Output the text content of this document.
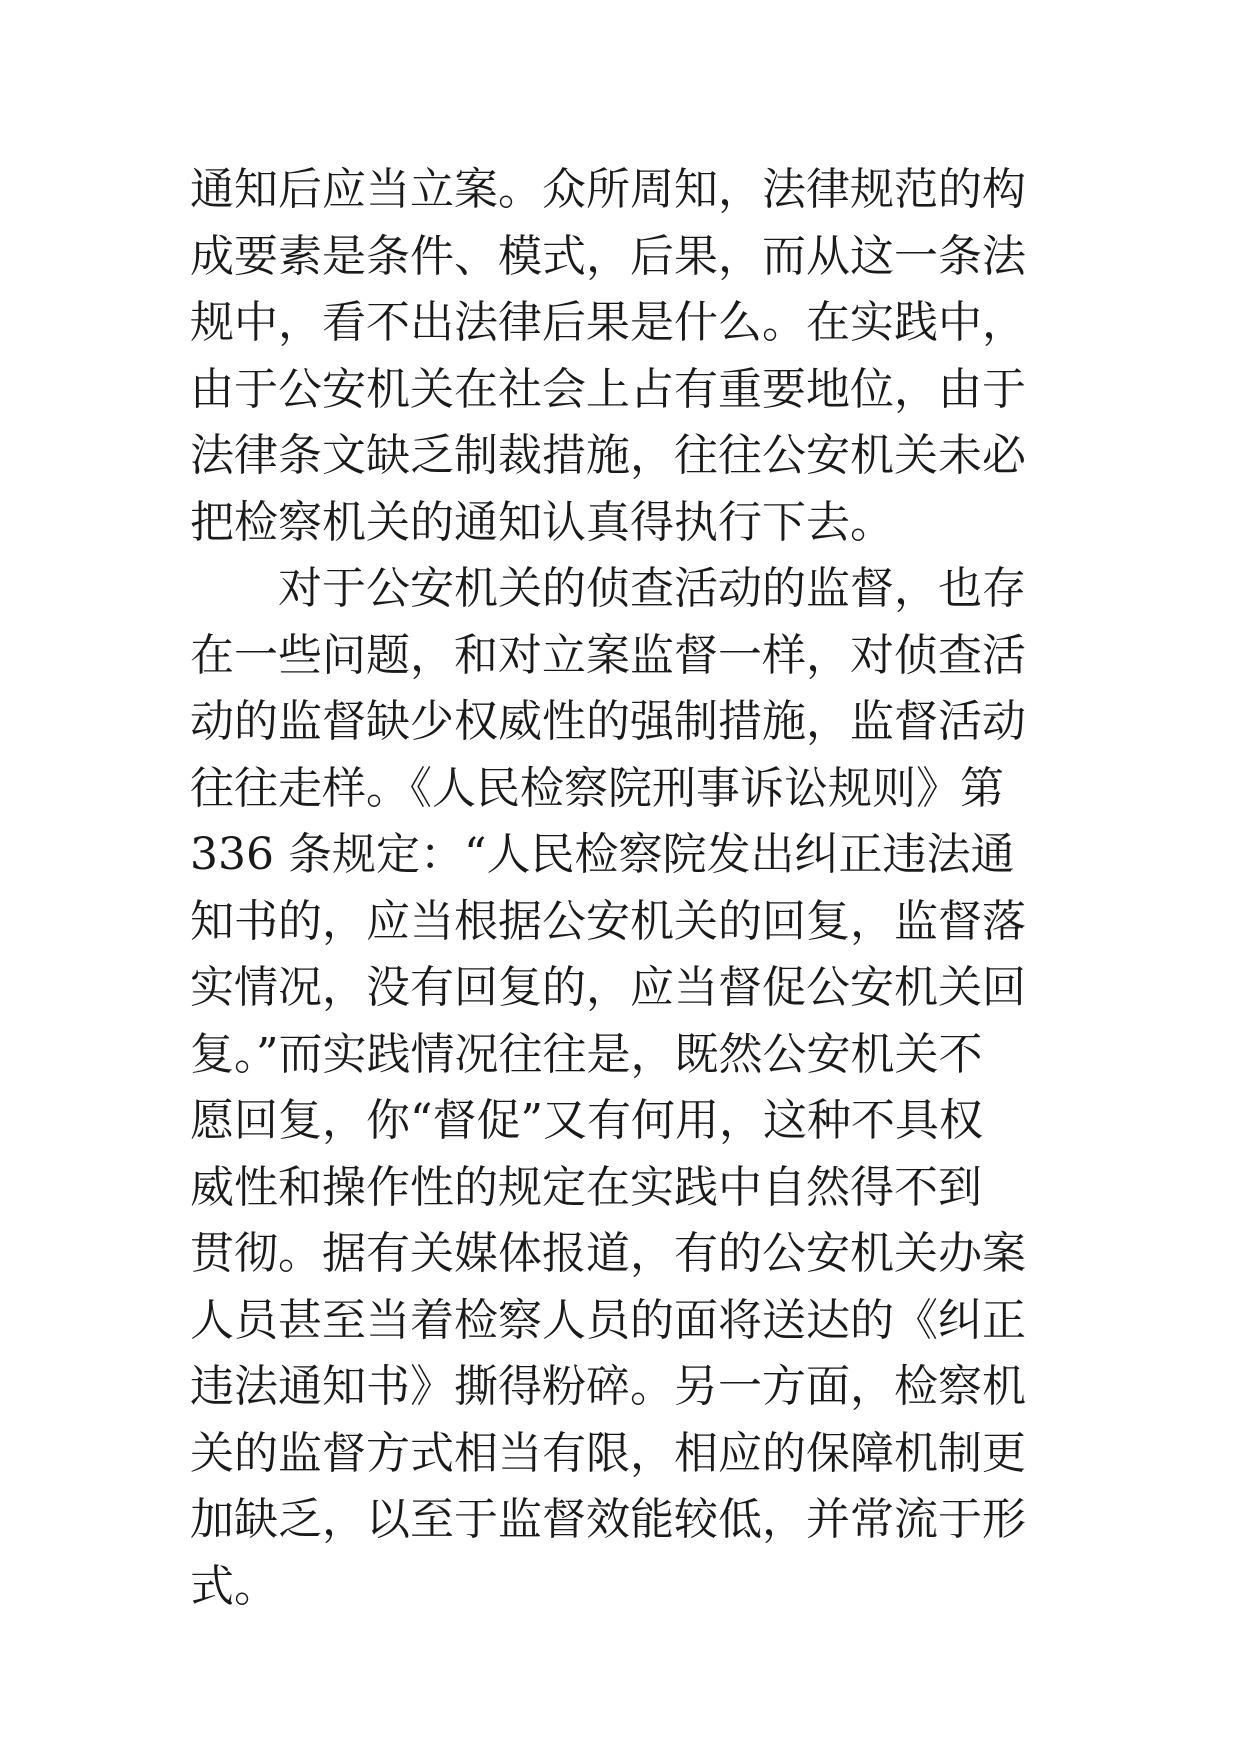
通知后应当立案。众所周知，法律规范的构
成要素是条件、模式，后果，而从这一条法
规中，看不出法律后果是什么。在实践中，
由于公安机关在社会上占有重要地位，由于
法律条文缺乏制裁措施，往往公安机关未必
把检察机关的通知认真得执行下去。
对于公安机关的侦查活动的监督，也存
在一些问题，和对立案监督一样，对侦查活
动的监督缺少权威性的强制措施，监督活动
往往走样。《人民检察院刑事诉讼规则》第
336 条规定：“人民检察院发出纠正违法通
知书的，应当根据公安机关的回复，监督落
实情况，没有回复的，应当督促公安机关回
复。”而实践情况往往是，既然公安机关不
愿回复，你“督促”又有何用，这种不具权
威性和操作性的规定在实践中自然得不到
贯彻。据有关媒体报道，有的公安机关办案
人员甚至当着检察人员的面将送达的《纠正
违法通知书》撕得粉碎。另一方面，检察机
关的监督方式相当有限，相应的保障机制更
加缺乏，以至于监督效能较低，并常流于形
式。
